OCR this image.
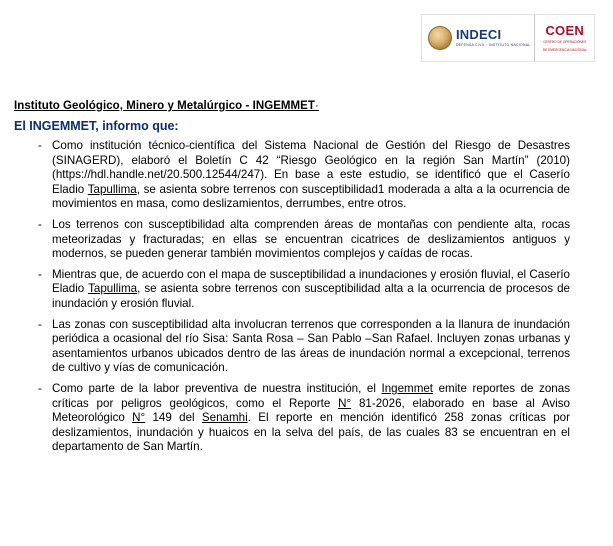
INDECI
DEFENSA CIVIL · INSTITUTO NACIONAL
COEN
CENTRO DE OPERACIONES
DE EMERGENCIA NACIONAL

Instituto Geológico, Minero y Metalúrgico - INGEMMET·

El INGEMMET, informo que:

- Como institución técnico-científica del Sistema Nacional de Gestión del Riesgo de Desastres (SINAGERD), elaboró el Boletín C 42 “Riesgo Geológico en la región San Martín” (2010) (https://hdl.handle.net/20.500.12544/247). En base a este estudio, se identificó que el Caserío Eladio Tapullima, se asienta sobre terrenos con susceptibilidad1 moderada a alta a la ocurrencia de movimientos en masa, como deslizamientos, derrumbes, entre otros.
- Los terrenos con susceptibilidad alta comprenden áreas de montañas con pendiente alta, rocas meteorizadas y fracturadas; en ellas se encuentran cicatrices de deslizamientos antiguos y modernos, se pueden generar también movimientos complejos y caídas de rocas.
- Mientras que, de acuerdo con el mapa de susceptibilidad a inundaciones y erosión fluvial, el Caserío Eladio Tapullima, se asienta sobre terrenos con susceptibilidad alta a la ocurrencia de procesos de inundación y erosión fluvial.
- Las zonas con susceptibilidad alta involucran terrenos que corresponden a la llanura de inundación periódica a ocasional del río Sisa: Santa Rosa – San Pablo –San Rafael. Incluyen zonas urbanas y asentamientos urbanos ubicados dentro de las áreas de inundación normal a excepcional, terrenos de cultivo y vías de comunicación.
- Como parte de la labor preventiva de nuestra institución, el Ingemmet emite reportes de zonas críticas por peligros geológicos, como el Reporte N° 81-2026, elaborado en base al Aviso Meteorológico N° 149 del Senamhi. El reporte en mención identificó 258 zonas críticas por deslizamientos, inundación y huaicos en la selva del país, de las cuales 83 se encuentran en el departamento de San Martín.
